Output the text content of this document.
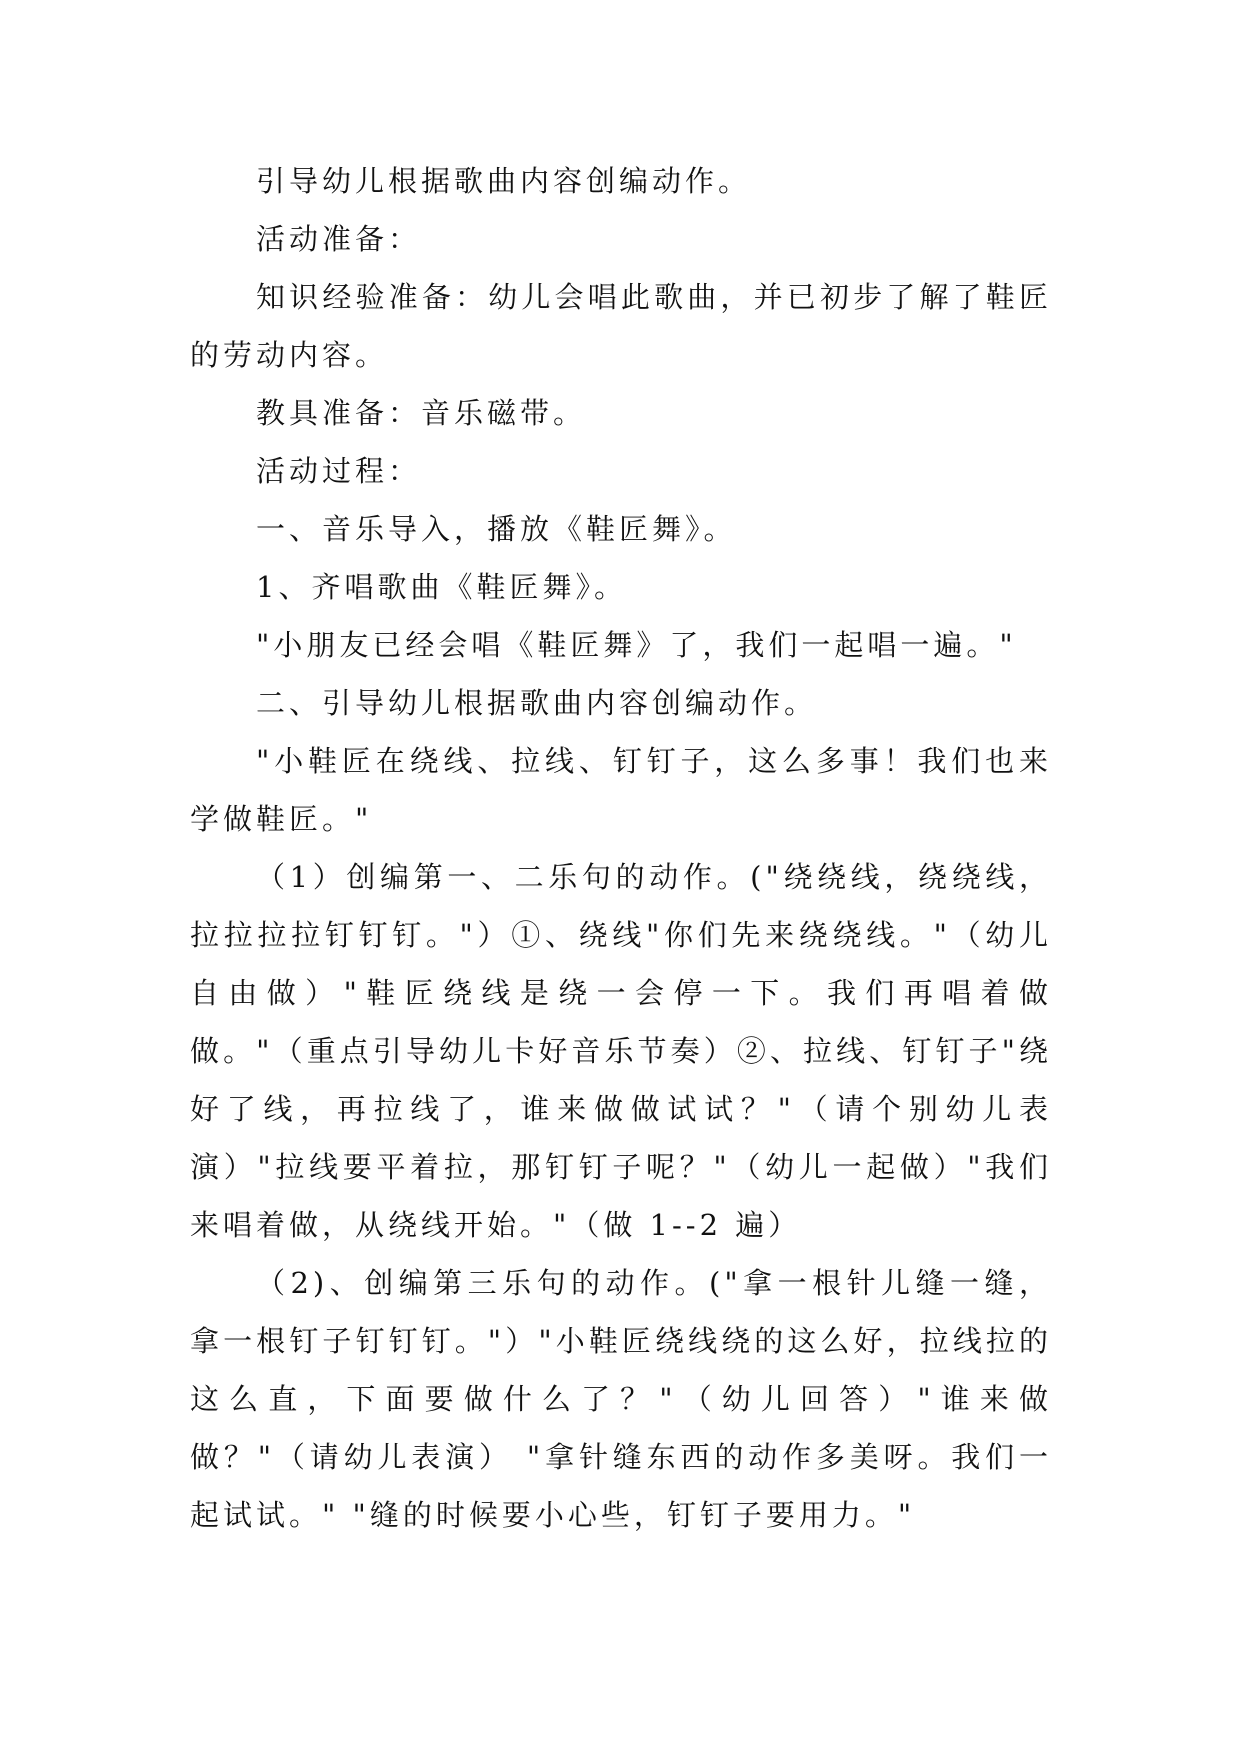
引导幼儿根据歌曲内容创编动作。

活动准备：

知识经验准备：幼儿会唱此歌曲，并已初步了解了鞋匠的劳动内容。

教具准备：音乐磁带。

活动过程：

一、音乐导入，播放《鞋匠舞》。

1、齐唱歌曲《鞋匠舞》。

"小朋友已经会唱《鞋匠舞》了，我们一起唱一遍。"

二、引导幼儿根据歌曲内容创编动作。

"小鞋匠在绕线、拉线、钉钉子，这么多事！我们也来学做鞋匠。"

（1）创编第一、二乐句的动作。("绕绕线，绕绕线，拉拉拉拉钉钉钉。"）①、绕线"你们先来绕绕线。"（幼儿自由做）"鞋匠绕线是绕一会停一下。我们再唱着做做。"（重点引导幼儿卡好音乐节奏）②、拉线、钉钉子"绕好了线，再拉线了，谁来做做试试？"（请个别幼儿表演）"拉线要平着拉，那钉钉子呢？"（幼儿一起做）"我们来唱着做，从绕线开始。"（做 1--2 遍）

（2)、创编第三乐句的动作。("拿一根针儿缝一缝，拿一根钉子钉钉钉。"）"小鞋匠绕线绕的这么好，拉线拉的这么直，下面要做什么了？"（幼儿回答）"谁来做做？"（请幼儿表演） "拿针缝东西的动作多美呀。我们一起试试。" "缝的时候要小心些，钉钉子要用力。"
